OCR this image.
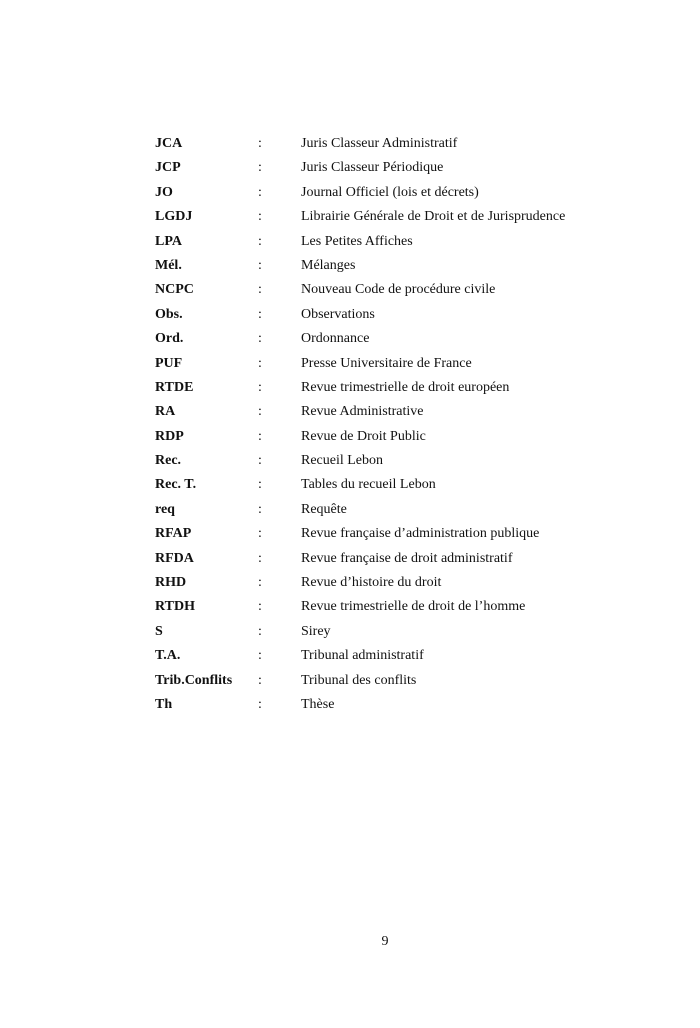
JCA	:	Juris Classeur Administratif
JCP	:	Juris Classeur Périodique
JO	:	Journal Officiel (lois et décrets)
LGDJ	:	Librairie Générale de Droit et de Jurisprudence
LPA	:	Les Petites Affiches
Mél.	:	Mélanges
NCPC	:	Nouveau Code de procédure civile
Obs.	:	Observations
Ord.	:	Ordonnance
PUF	:	Presse Universitaire de France
RTDE	:	Revue trimestrielle de droit européen
RA	:	Revue Administrative
RDP	:	Revue de Droit Public
Rec.	:	Recueil Lebon
Rec. T.	:	Tables du recueil Lebon
req	:	Requête
RFAP	:	Revue française d’administration publique
RFDA	:	Revue française de droit administratif
RHD	:	Revue d’histoire du droit
RTDH	:	Revue trimestrielle de droit de l’homme
S	:	Sirey
T.A.	:	Tribunal administratif
Trib.Conflits :	Tribunal des conflits
Th	:	Thèse
9
